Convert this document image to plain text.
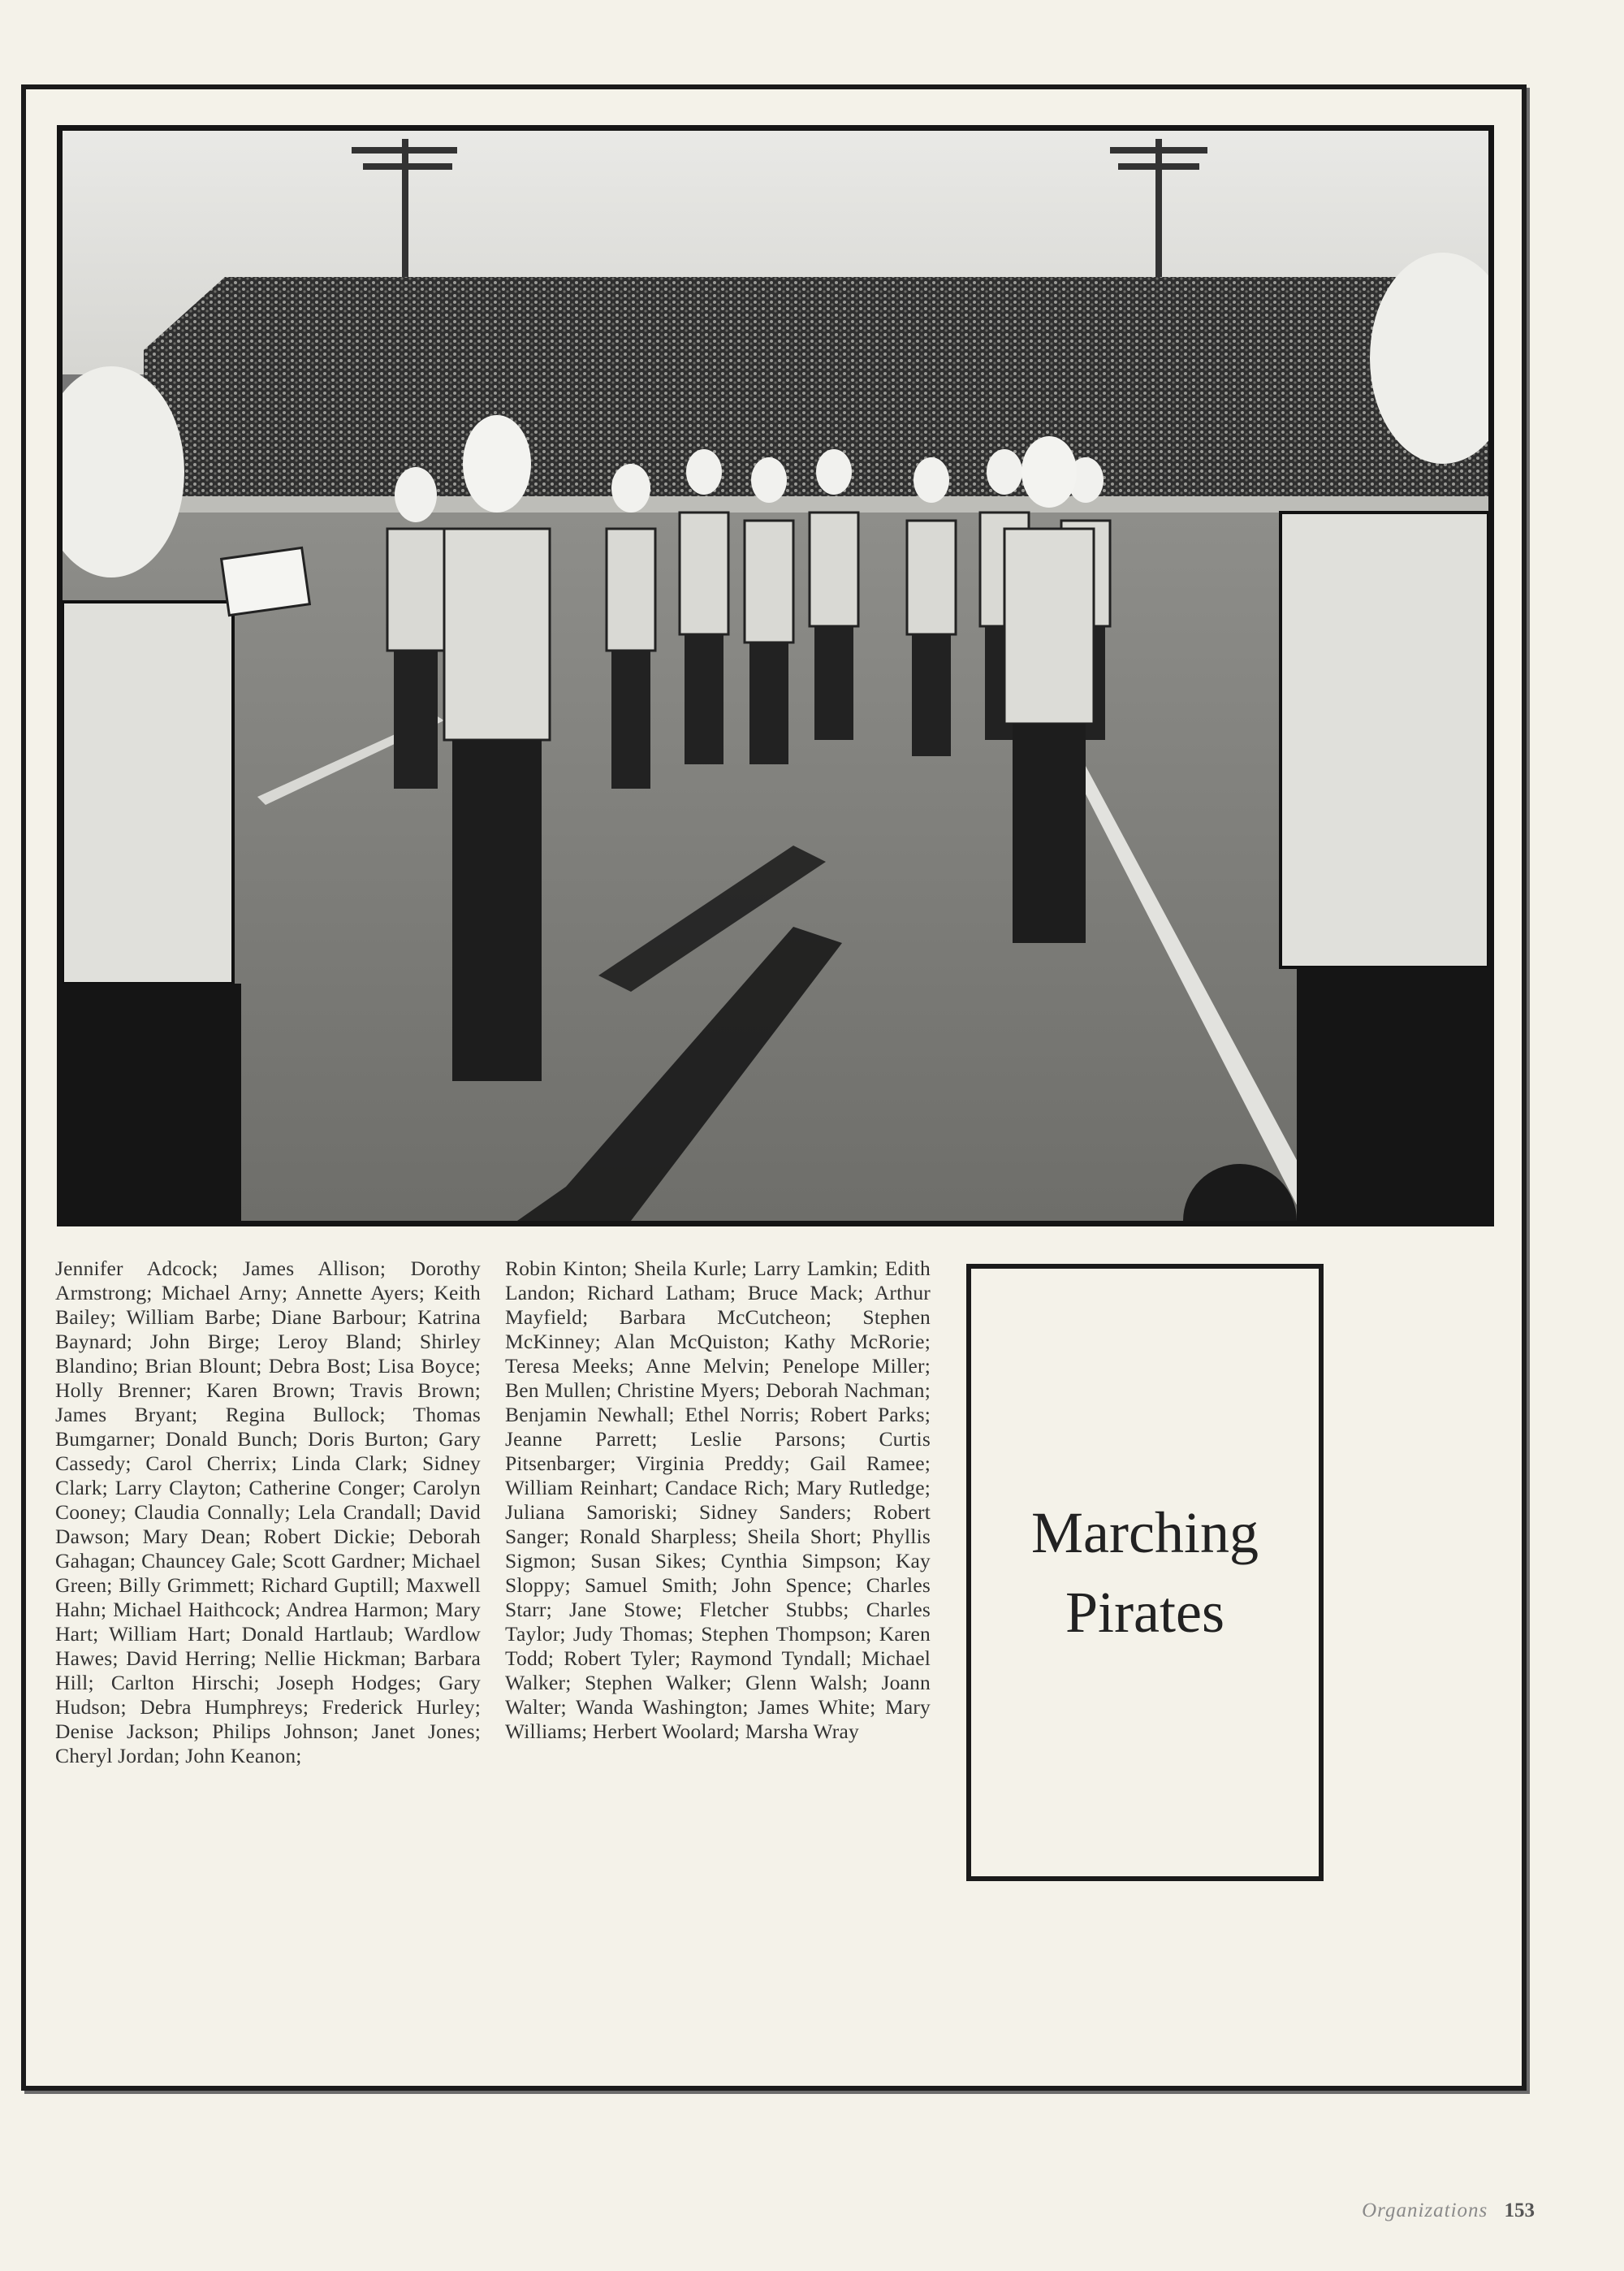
Jennifer Adcock; James Allison; Dorothy Armstrong; Michael Arny; Annette Ayers; Keith Bailey; William Barbe; Diane Barbour; Katrina Baynard; John Birge; Leroy Bland; Shirley Blandino; Brian Blount; Debra Bost; Lisa Boyce; Holly Brenner; Karen Brown; Travis Brown; James Bryant; Regina Bullock; Thomas Bumgarner; Donald Bunch; Doris Burton; Gary Cassedy; Carol Cherrix; Linda Clark; Sidney Clark; Larry Clayton; Catherine Conger; Carolyn Cooney; Claudia Connally; Lela Crandall; David Dawson; Mary Dean; Robert Dickie; Deborah Gahagan; Chauncey Gale; Scott Gardner; Michael Green; Billy Grimmett; Richard Guptill; Maxwell Hahn; Michael Haithcock; Andrea Harmon; Mary Hart; William Hart; Donald Hartlaub; Wardlow Hawes; David Herring; Nellie Hickman; Barbara Hill; Carlton Hirschi; Joseph Hodges; Gary Hudson; Debra Humphreys; Frederick Hurley; Denise Jackson; Philips Johnson; Janet Jones; Cheryl Jordan; John Keanon;
Robin Kinton; Sheila Kurle; Larry Lamkin; Edith Landon; Richard Latham; Bruce Mack; Arthur Mayfield; Barbara McCutcheon; Stephen McKinney; Alan McQuiston; Kathy McRorie; Teresa Meeks; Anne Melvin; Penelope Miller; Ben Mullen; Christine Myers; Deborah Nachman; Benjamin Newhall; Ethel Norris; Robert Parks; Jeanne Parrett; Leslie Parsons; Curtis Pitsenbarger; Virginia Preddy; Gail Ramee; William Reinhart; Candace Rich; Mary Rutledge; Juliana Samoriski; Sidney Sanders; Robert Sanger; Ronald Sharpless; Sheila Short; Phyllis Sigmon; Susan Sikes; Cynthia Simpson; Kay Sloppy; Samuel Smith; John Spence; Charles Starr; Jane Stowe; Fletcher Stubbs; Charles Taylor; Judy Thomas; Stephen Thompson; Karen Todd; Robert Tyler; Raymond Tyndall; Michael Walker; Stephen Walker; Glenn Walsh; Joann Walter; Wanda Washington; James White; Mary Williams; Herbert Woolard; Marsha Wray
Marching
Pirates
Organizations 153
